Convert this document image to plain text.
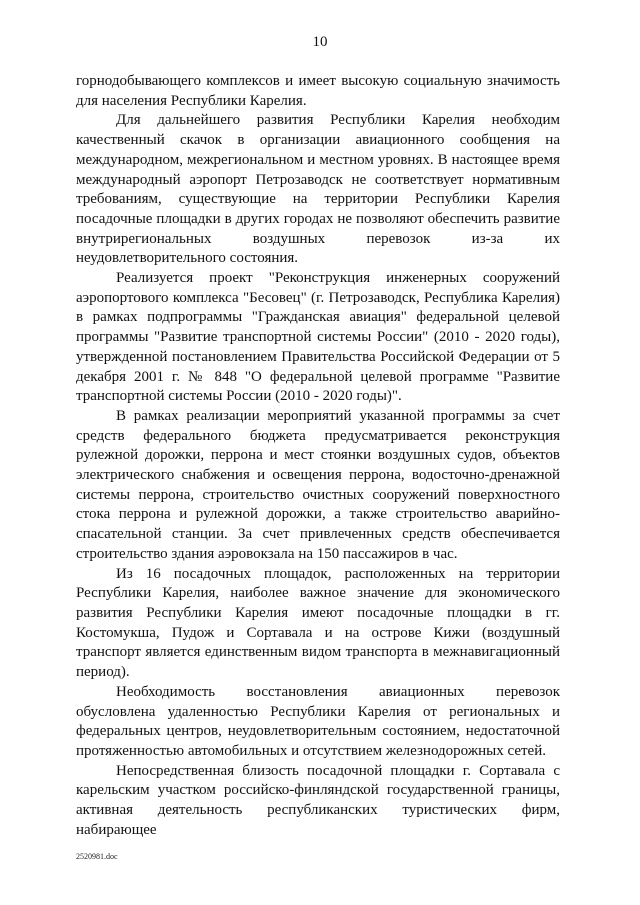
10

горнодобывающего комплексов и имеет высокую социальную значимость для населения Республики Карелия.

Для дальнейшего развития Республики Карелия необходим качественный скачок в организации авиационного сообщения на международном, межрегиональном и местном уровнях. В настоящее время международный аэропорт Петрозаводск не соответствует нормативным требованиям, существующие на территории Республики Карелия посадочные площадки в других городах не позволяют обеспечить развитие внутрирегиональных воздушных перевозок из-за их неудовлетворительного состояния.

Реализуется проект "Реконструкция инженерных сооружений аэропортового комплекса "Бесовец" (г. Петрозаводск, Республика Карелия) в рамках подпрограммы "Гражданская авиация" федеральной целевой программы "Развитие транспортной системы России" (2010 - 2020 годы), утвержденной постановлением Правительства Российской Федерации от 5 декабря 2001 г. № 848 "О федеральной целевой программе "Развитие транспортной системы России (2010 - 2020 годы)".

В рамках реализации мероприятий указанной программы за счет средств федерального бюджета предусматривается реконструкция рулежной дорожки, перрона и мест стоянки воздушных судов, объектов электрического снабжения и освещения перрона, водосточно-дренажной системы перрона, строительство очистных сооружений поверхностного стока перрона и рулежной дорожки, а также строительство аварийно-спасательной станции. За счет привлеченных средств обеспечивается строительство здания аэровокзала на 150 пассажиров в час.

Из 16 посадочных площадок, расположенных на территории Республики Карелия, наиболее важное значение для экономического развития Республики Карелия имеют посадочные площадки в гг. Костомукша, Пудож и Сортавала и на острове Кижи (воздушный транспорт является единственным видом транспорта в межнавигационный период).

Необходимость восстановления авиационных перевозок обусловлена удаленностью Республики Карелия от региональных и федеральных центров, неудовлетворительным состоянием, недостаточной протяженностью автомобильных и отсутствием железнодорожных сетей.

Непосредственная близость посадочной площадки г. Сортавала с карельским участком российско-финляндской государственной границы, активная деятельность республиканских туристических фирм, набирающее

2520981.doc
